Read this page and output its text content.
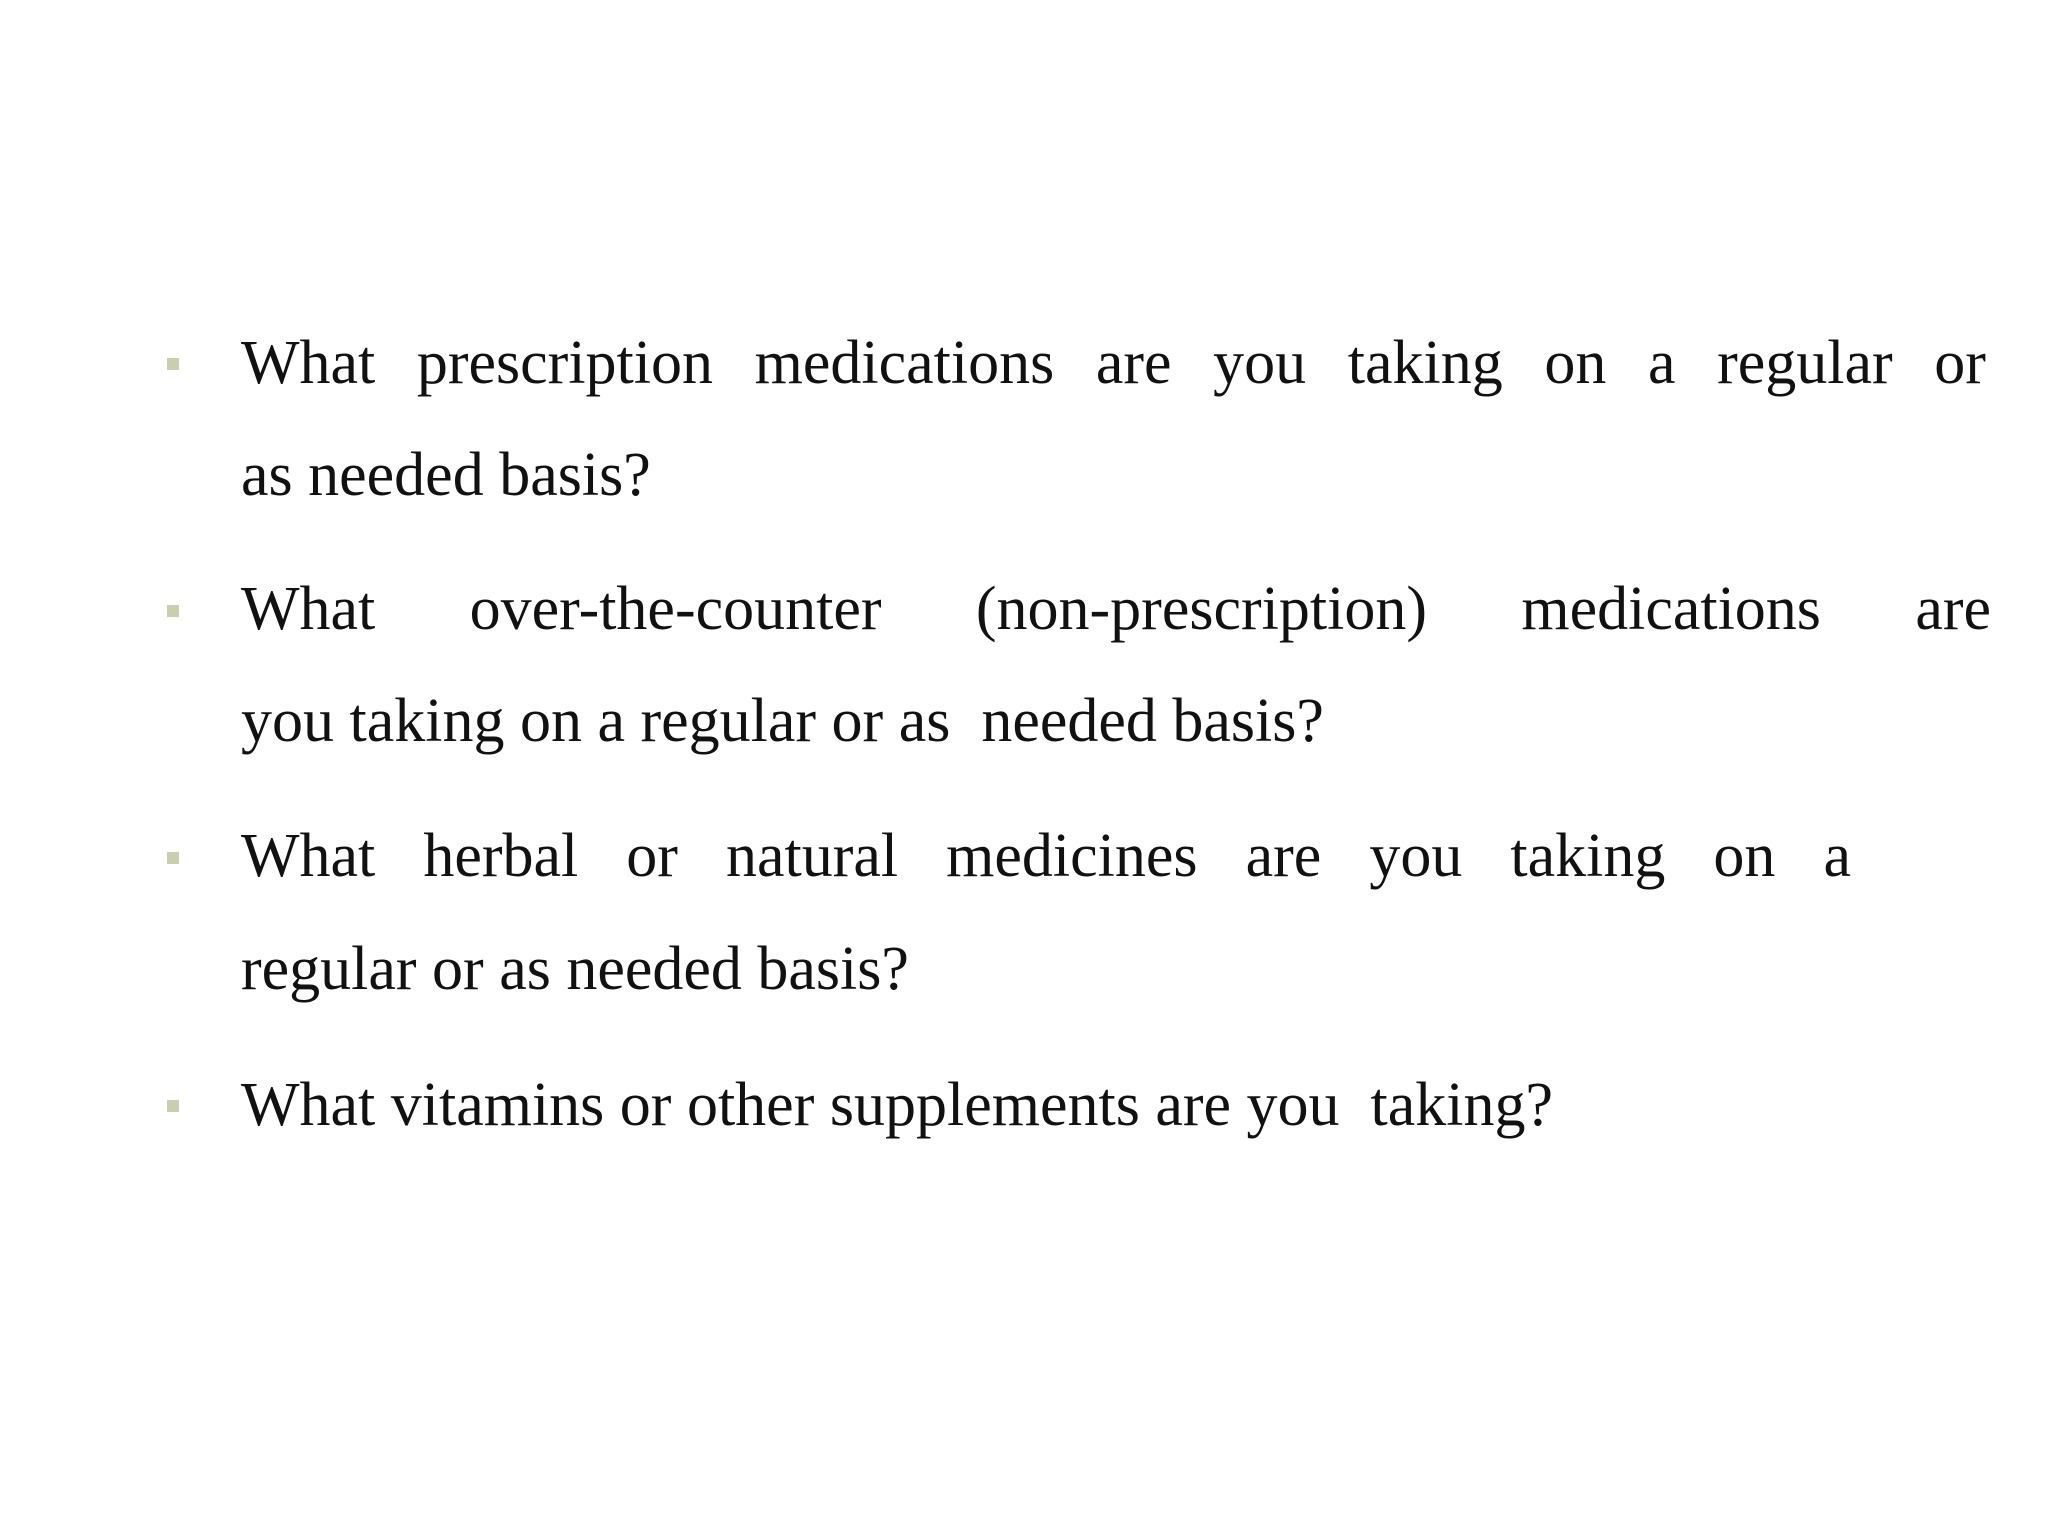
What prescription medications are you taking on a regular or

as needed basis?

What over-the-counter (non-prescription) medications are

you taking on a regular or as  needed basis?

What herbal or natural medicines are you taking on a

regular or as needed basis?

What vitamins or other supplements are you  taking?
